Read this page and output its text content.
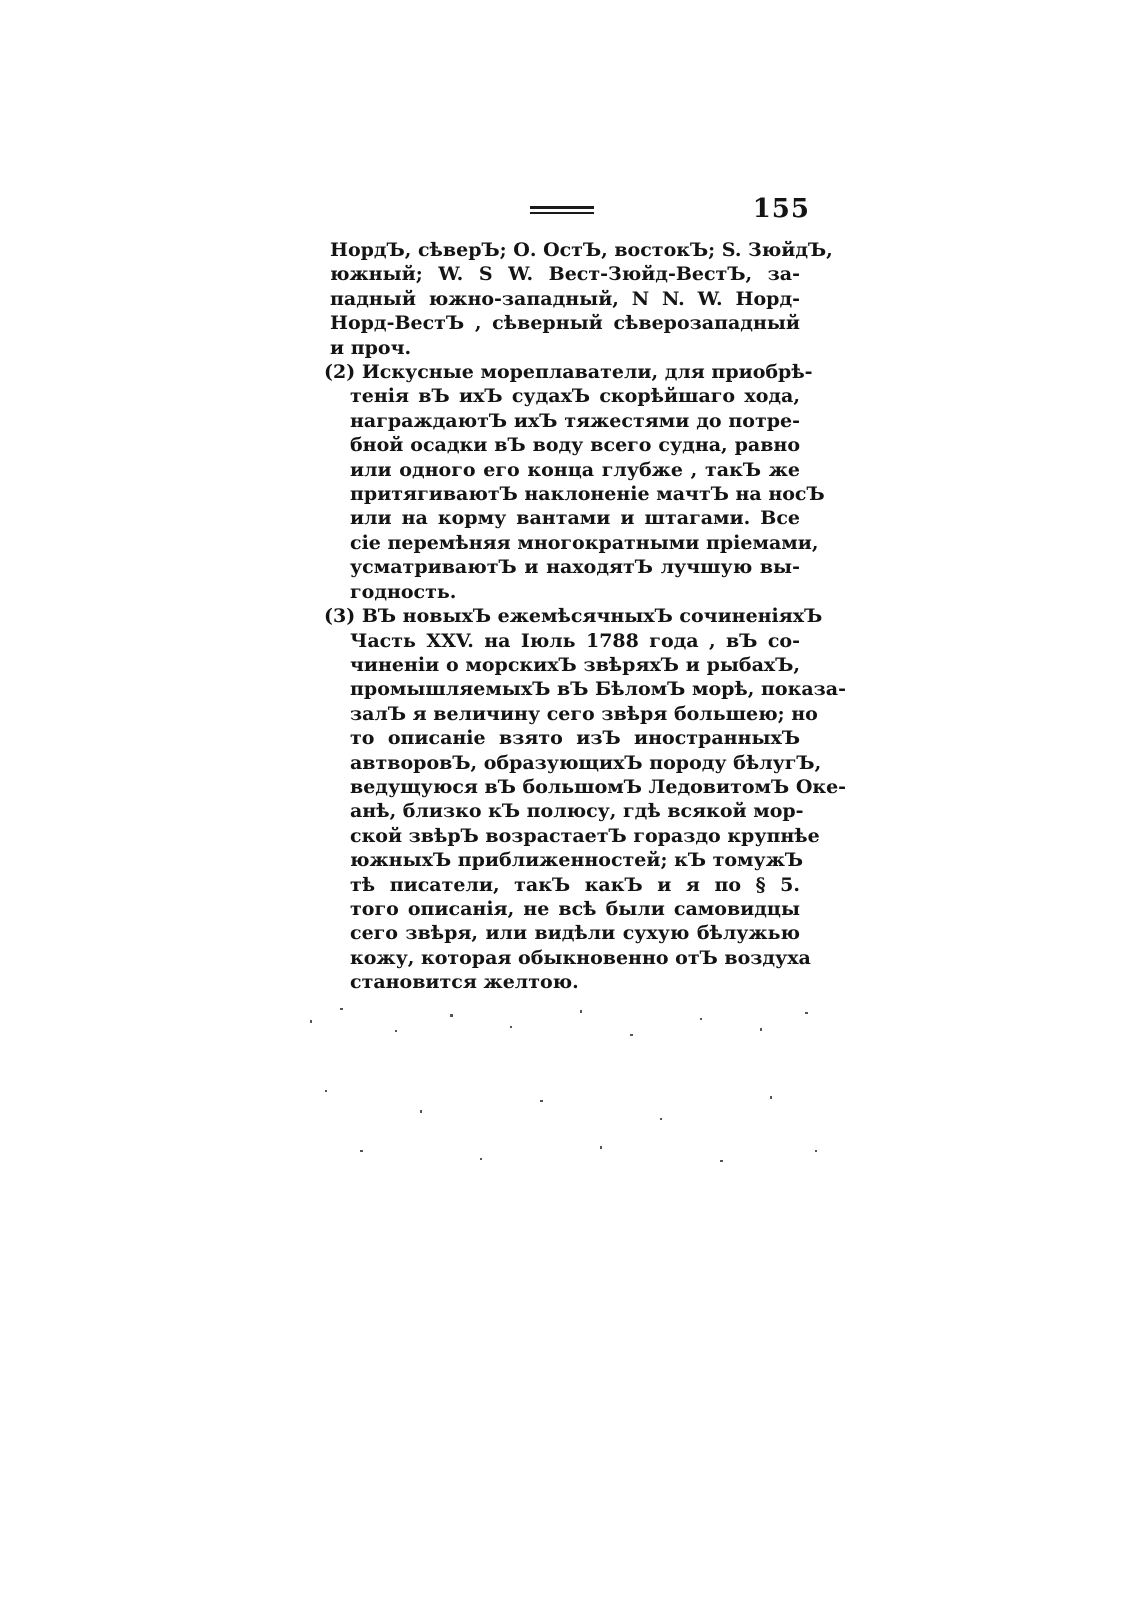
155
НордЪ, сѣверЪ; О. ОстЪ, востокЪ; S. ЗюйдЪ,
южный; W. S W. Вест-Зюйд-ВестЪ, за-
падный южно-западный, N N. W. Норд-
Норд-ВестЪ , сѣверный сѣверозападный
и проч.
(2) Искусные мореплаватели, для приобрѣ-
тенія вЪ ихЪ судахЪ скорѣйшаго хода,
награждаютЪ ихЪ тяжестями до потре-
бной осадки вЪ воду всего судна, равно
или одного его конца глубже , такЪ же
притягиваютЪ наклоненіе мачтЪ на носЪ
или на корму вантами и штагами. Все
сіе перемѣняя многократными пріемами,
усматриваютЪ и находятЪ лучшую вы-
годность.
(3) ВЪ новыхЪ ежемѣсячныхЪ сочиненіяхЪ
Часть XXV. на Іюль 1788 года , вЪ со-
чиненіи о морскихЪ звѣряхЪ и рыбахЪ,
промышляемыхЪ вЪ БѣломЪ морѣ, показа-
залЪ я величину сего звѣря большею; но
то описаніе взято изЪ иностранныхЪ
автворовЪ, образующихЪ породу бѣлугЪ,
ведущуюся вЪ большомЪ ЛедовитомЪ Оке-
анѣ, близко кЪ полюсу, гдѣ всякой мор-
ской звѣрЪ возрастаетЪ гораздо крупнѣе
южныхЪ приближенностей; кЪ томужЪ
тѣ писатели, такЪ какЪ и я по § 5.
того описанія, не всѣ были самовидцы
сего звѣря, или видѣли сухую бѣлужью
кожу, которая обыкновенно отЪ воздуха
становится желтою.
